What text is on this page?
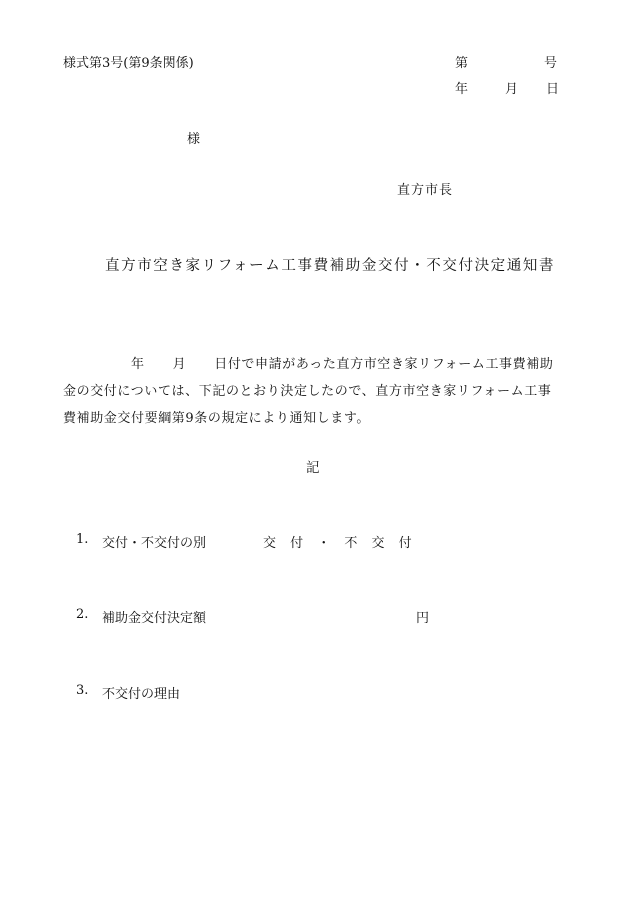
様式第3号(第9条関係)	第	号
年	月 日
様
直方市長
直方市空き家リフォーム工事費補助金交付・不交付決定通知書
年 月 日付で申請があった直方市空き家リフォーム工事費補助
金の交付については、下記のとおり決定したので、直方市空き家リフォーム工事
費補助金交付要綱第9条の規定により通知します。
記
1. 交付・不交付の別	交 付 ・ 不 交 付
2. 補助金交付決定額	円
3. 不交付の理由
